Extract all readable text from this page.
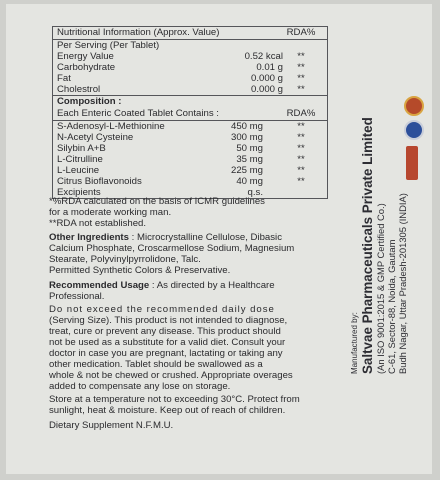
Nutritional Information (Approx. Value)	RDA%
Per Serving (Per Tablet)
Energy Value	0.52 kcal	**
Carbohydrate	0.01 g	**
Fat	0.000 g	**
Cholestrol	0.000 g	**
Composition :
Each Enteric Coated Tablet Contains :	RDA%
S-Adenosyl-L-Methionine	450 mg	**
N-Acetyl Cysteine	300 mg	**
Silybin A+B	50 mg	**
L-Citrulline	35 mg	**
L-Leucine	225 mg	**
Citrus Bioflavonoids	40 mg	**
Excipients	q.s.

*%RDA calculated on the basis of ICMR guidelines

for a moderate working man.

**RDA not established.

Other Ingredients : Microcrystalline Cellulose, Dibasic

Calcium Phosphate, Croscarmellose Sodium, Magnesium

Stearate, Polyvinylpyrrolidone, Talc.

Permitted Synthetic Colors & Preservative.

Recommended Usage : As directed by a Healthcare

Professional.

Do not exceed the recommended daily dose

(Serving Size). This product is not intended to diagnose,

treat, cure or prevent any disease. This product should

not be used as a substitute for a valid diet. Consult your

doctor in case you are pregnant, lactating or taking any

other medication. Tablet should be swallowed as a

whole & not be chewed or crushed. Appropriate overages

added to compensate any lose on storage.

Store at a temperature not to exceeding 30°C. Protect from

sunlight, heat & moisture. Keep out of reach of children.

Dietary Supplement N.F.M.U.

Manufactured by: Saltvae Pharmaceuticals Private Limited (An ISO 9001:2015 & GMP Certified Co.) C-61, Sector-88, Noida, Gautam Budh Nagar, Uttar Pradesh-201305 (INDIA)
